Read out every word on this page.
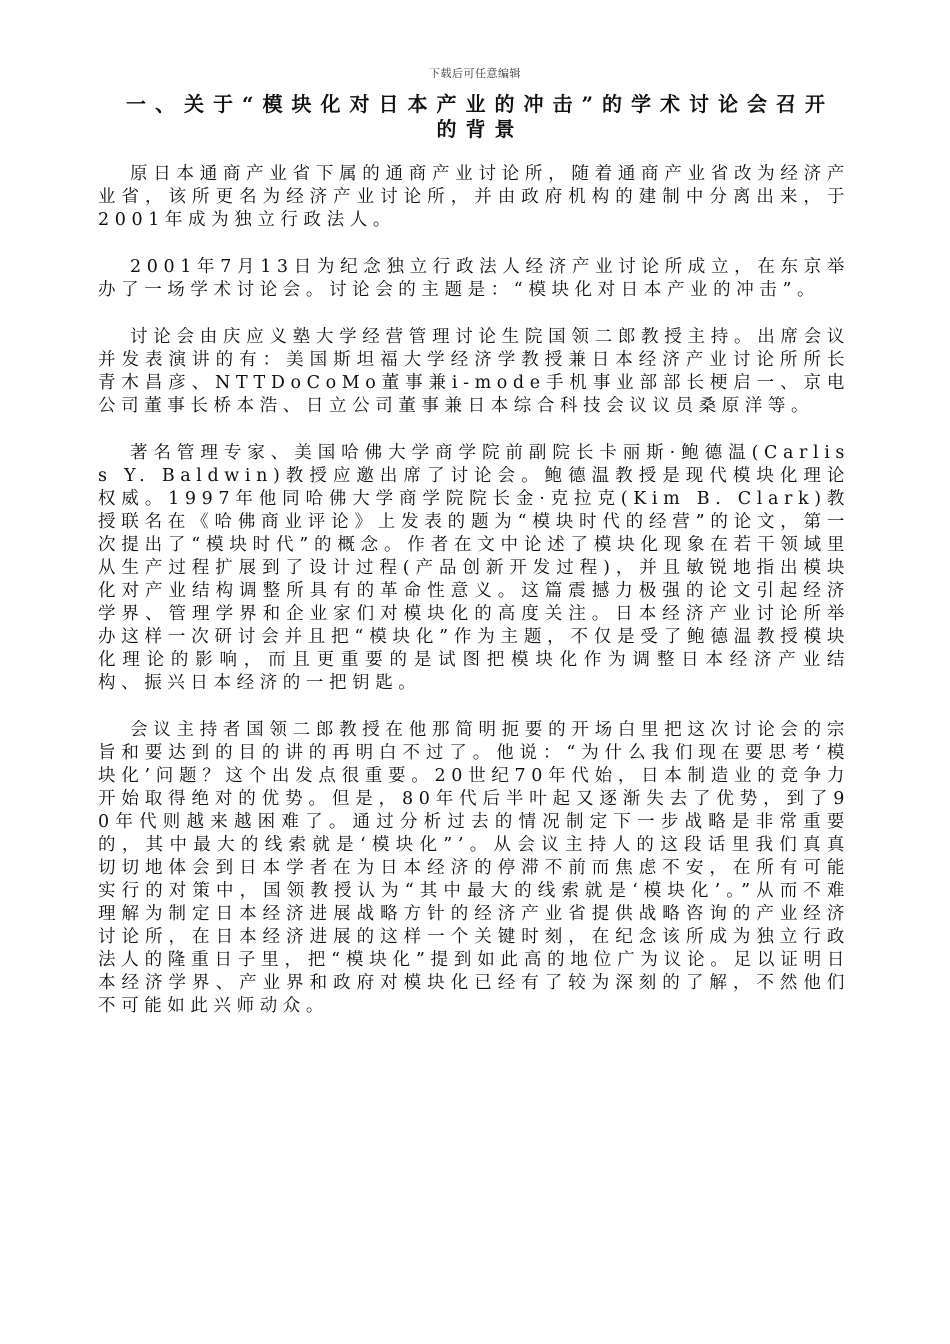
下载后可任意编辑
一、关于“模块化对日本产业的冲击”的学术讨论会召开的背景

原日本通商产业省下属的通商产业讨论所，随着通商产业省改为经济产业省，该所更名为经济产业讨论所，并由政府机构的建制中分离出来，于2001年成为独立行政法人。

2001年7月13日为纪念独立行政法人经济产业讨论所成立，在东京举办了一场学术讨论会。讨论会的主题是：“模块化对日本产业的冲击”。

讨论会由庆应义塾大学经营管理讨论生院国领二郎教授主持。出席会议并发表演讲的有：美国斯坦福大学经济学教授兼日本经济产业讨论所所长青木昌彦、NTTDoCoMo董事兼i-mode手机事业部部长梗启一、京电公司董事长桥本浩、日立公司董事兼日本综合科技会议议员桑原洋等。

著名管理专家、美国哈佛大学商学院前副院长卡丽斯·鲍德温(Carliss Y. Baldwin)教授应邀出席了讨论会。鲍德温教授是现代模块化理论权威。1997年他同哈佛大学商学院院长金·克拉克(Kim B. Clark)教授联名在《哈佛商业评论》上发表的题为“模块时代的经营”的论文，第一次提出了“模块时代”的概念。作者在文中论述了模块化现象在若干领域里从生产过程扩展到了设计过程(产品创新开发过程)，并且敏锐地指出模块化对产业结构调整所具有的革命性意义。这篇震撼力极强的论文引起经济学界、管理学界和企业家们对模块化的高度关注。日本经济产业讨论所举办这样一次研讨会并且把“模块化”作为主题，不仅是受了鲍德温教授模块化理论的影响，而且更重要的是试图把模块化作为调整日本经济产业结构、振兴日本经济的一把钥匙。

会议主持者国领二郎教授在他那简明扼要的开场白里把这次讨论会的宗旨和要达到的目的讲的再明白不过了。他说：“为什么我们现在要思考‘模块化’问题？这个出发点很重要。20世纪70年代始，日本制造业的竞争力开始取得绝对的优势。但是，80年代后半叶起又逐渐失去了优势，到了90年代则越来越困难了。通过分析过去的情况制定下一步战略是非常重要的，其中最大的线索就是‘模块化”’。从会议主持人的这段话里我们真真切切地体会到日本学者在为日本经济的停滞不前而焦虑不安，在所有可能实行的对策中，国领教授认为“其中最大的线索就是‘模块化’。”从而不难理解为制定日本经济进展战略方针的经济产业省提供战略咨询的产业经济讨论所，在日本经济进展的这样一个关键时刻，在纪念该所成为独立行政法人的隆重日子里，把“模块化”提到如此高的地位广为议论。足以证明日本经济学界、产业界和政府对模块化已经有了较为深刻的了解，不然他们不可能如此兴师动众。
